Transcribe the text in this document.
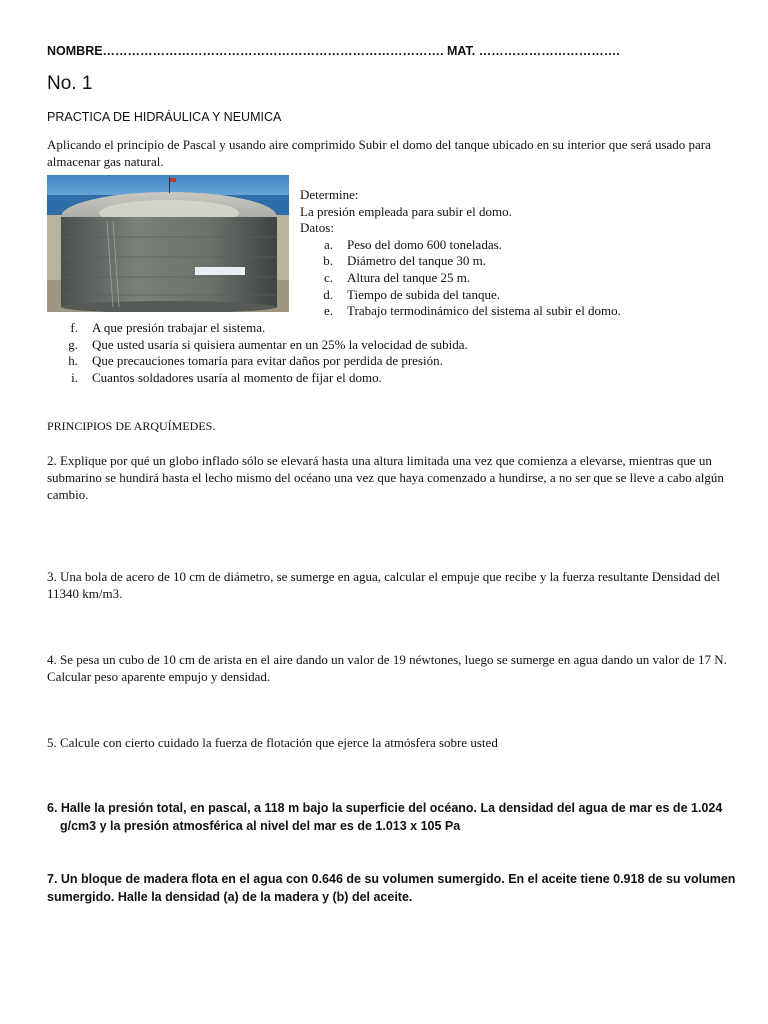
NOMBRE………………………………………………………………………. MAT. …………………………….
No. 1
PRACTICA DE HIDRÁULICA Y NEUMICA
Aplicando el principio de Pascal y usando aire comprimido Subir el domo del tanque ubicado en su interior que será usado para almacenar gas natural.
Determine:
La presión empleada para subir el domo.
Datos:
a. Peso del domo 600 toneladas.
b. Diámetro del tanque 30 m.
c. Altura del tanque 25 m.
d. Tiempo de subida del tanque.
e. Trabajo termodinámico del sistema al subir el domo.
f. A que presión trabajar el sistema.
g. Que usted usaría si quisiera aumentar en un 25% la velocidad de subida.
h. Que precauciones tomaría para evitar daños por perdida de presión.
i. Cuantos soldadores usaría al momento de fijar el domo.
PRINCIPIOS DE ARQUÍMEDES.
2. Explique por qué un globo inflado sólo se elevará hasta una altura limitada una vez que comienza a elevarse, mientras que un submarino se hundirá hasta el lecho mismo del océano una vez que haya comenzado a hundirse, a no ser que se lleve a cabo algún cambio.
3. Una bola de acero de 10 cm de diámetro, se sumerge en agua, calcular el empuje que recibe y la fuerza resultante Densidad del 11340 km/m3.
4. Se pesa un cubo de 10 cm de arista en el aire dando un valor de 19 néwtones, luego se sumerge en agua dando un valor de 17 N. Calcular peso aparente empujo y densidad.
5. Calcule con cierto cuidado la fuerza de flotación que ejerce la atmósfera sobre usted
6. Halle la presión total, en pascal, a 118 m bajo la superficie del océano. La densidad del agua de mar es de 1.024
g/cm3 y la presión atmosférica al nivel del mar es de 1.013 x 105 Pa
7. Un bloque de madera flota en el agua con 0.646 de su volumen sumergido. En el aceite tiene 0.918 de su volumen sumergido. Halle la densidad (a) de la madera y (b) del aceite.
